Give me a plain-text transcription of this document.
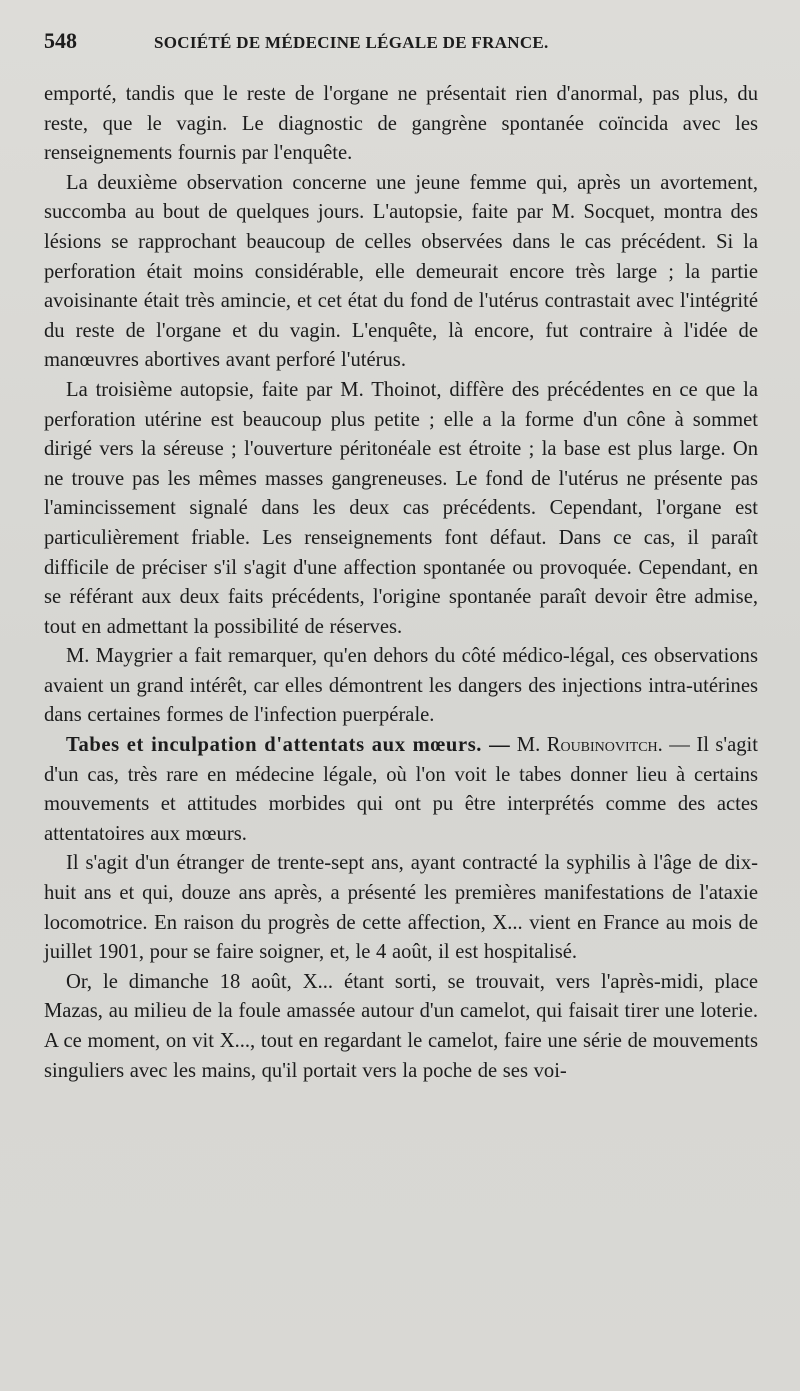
548	SOCIÉTÉ DE MÉDECINE LÉGALE DE FRANCE.

emporté, tandis que le reste de l'organe ne présentait rien d'anormal, pas plus, du reste, que le vagin. Le diagnostic de gangrène spontanée coïncida avec les renseignements fournis par l'enquête.

La deuxième observation concerne une jeune femme qui, après un avortement, succomba au bout de quelques jours. L'autopsie, faite par M. Socquet, montra des lésions se rapprochant beaucoup de celles observées dans le cas précédent. Si la perforation était moins considérable, elle demeurait encore très large ; la partie avoisinante était très amincie, et cet état du fond de l'utérus contrastait avec l'intégrité du reste de l'organe et du vagin. L'enquête, là encore, fut contraire à l'idée de manœuvres abortives avant perforé l'utérus.

La troisième autopsie, faite par M. Thoinot, diffère des précédentes en ce que la perforation utérine est beaucoup plus petite ; elle a la forme d'un cône à sommet dirigé vers la séreuse ; l'ouverture péritonéale est étroite ; la base est plus large. On ne trouve pas les mêmes masses gangreneuses. Le fond de l'utérus ne présente pas l'amincissement signalé dans les deux cas précédents. Cependant, l'organe est particulièrement friable. Les renseignements font défaut. Dans ce cas, il paraît difficile de préciser s'il s'agit d'une affection spontanée ou provoquée. Cependant, en se référant aux deux faits précédents, l'origine spontanée paraît devoir être admise, tout en admettant la possibilité de réserves.

M. Maygrier a fait remarquer, qu'en dehors du côté médico-légal, ces observations avaient un grand intérêt, car elles démontrent les dangers des injections intra-utérines dans certaines formes de l'infection puerpérale.

Tabes et inculpation d'attentats aux mœurs. — M. Roubinovitch. — Il s'agit d'un cas, très rare en médecine légale, où l'on voit le tabes donner lieu à certains mouvements et attitudes morbides qui ont pu être interprétés comme des actes attentatoires aux mœurs.

Il s'agit d'un étranger de trente-sept ans, ayant contracté la syphilis à l'âge de dix-huit ans et qui, douze ans après, a présenté les premières manifestations de l'ataxie locomotrice. En raison du progrès de cette affection, X... vient en France au mois de juillet 1901, pour se faire soigner, et, le 4 août, il est hospitalisé.

Or, le dimanche 18 août, X... étant sorti, se trouvait, vers l'après-midi, place Mazas, au milieu de la foule amassée autour d'un camelot, qui faisait tirer une loterie. A ce moment, on vit X..., tout en regardant le camelot, faire une série de mouvements singuliers avec les mains, qu'il portait vers la poche de ses voi-
